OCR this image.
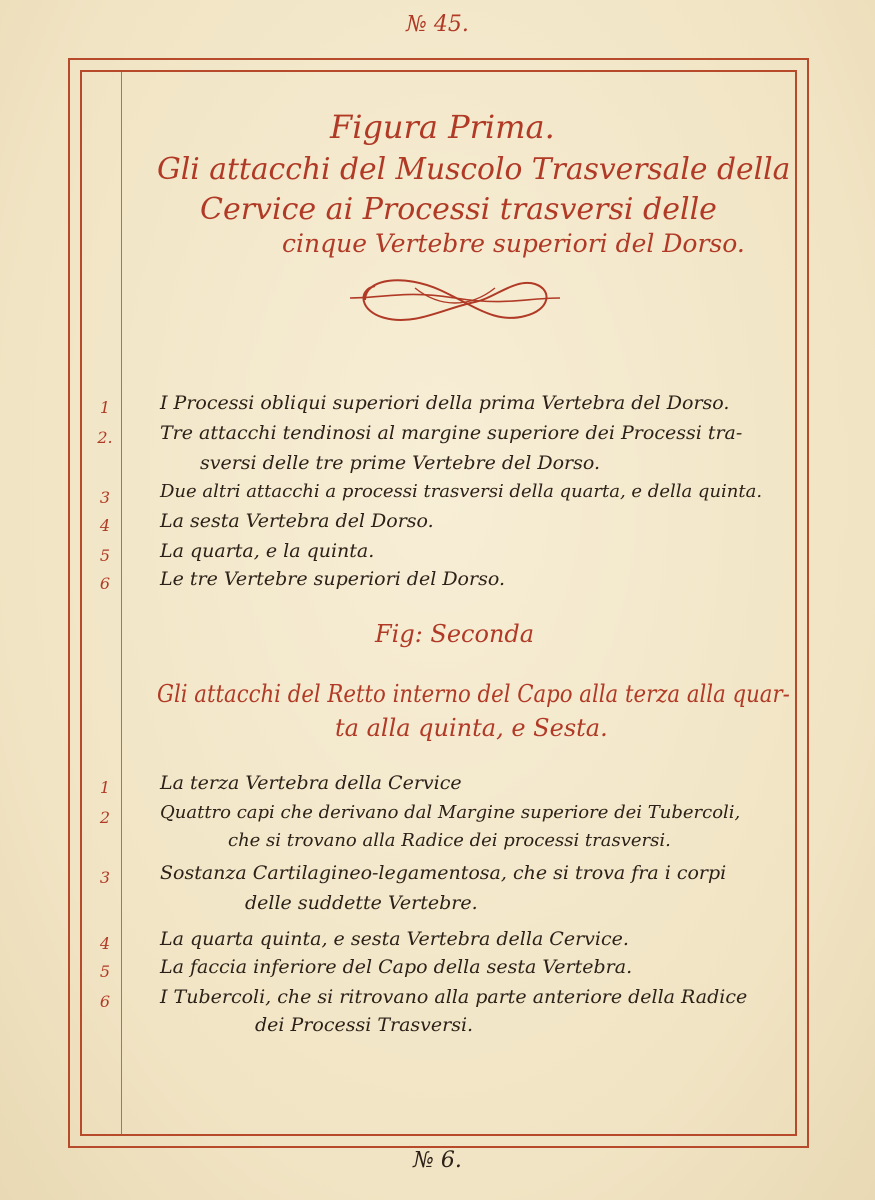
№ 45.
Figura Prima.
Gli attacchi del Muscolo Trasversale della
Cervice ai Processi trasversi delle
cinque Vertebre superiori del Dorso.
1	I Processi obliqui superiori della prima Vertebra del Dorso.
2. Tre attacchi tendinosi al margine superiore dei Processi tra-
sversi delle tre prime Vertebre del Dorso.
3	Due altri attacchi a processi trasversi della quarta, e della quinta.
4	La sesta Vertebra del Dorso.
5	La quarta, e la quinta.
6	Le tre Vertebre superiori del Dorso.
Fig: Seconda
Gli attacchi del Retto interno del Capo alla terza alla quar-
ta alla quinta, e Sesta.
1	La terza Vertebra della Cervice
2	Quattro capi che derivano dal Margine superiore dei Tubercoli,
che si trovano alla Radice dei processi trasversi.
3	Sostanza Cartilagineo-legamentosa, che si trova fra i corpi
delle suddette Vertebre.
4	La quarta quinta, e sesta Vertebra della Cervice.
5	La faccia inferiore del Capo della sesta Vertebra.
6	I Tubercoli, che si ritrovano alla parte anteriore della Radice
dei Processi Trasversi.
№ 6.
